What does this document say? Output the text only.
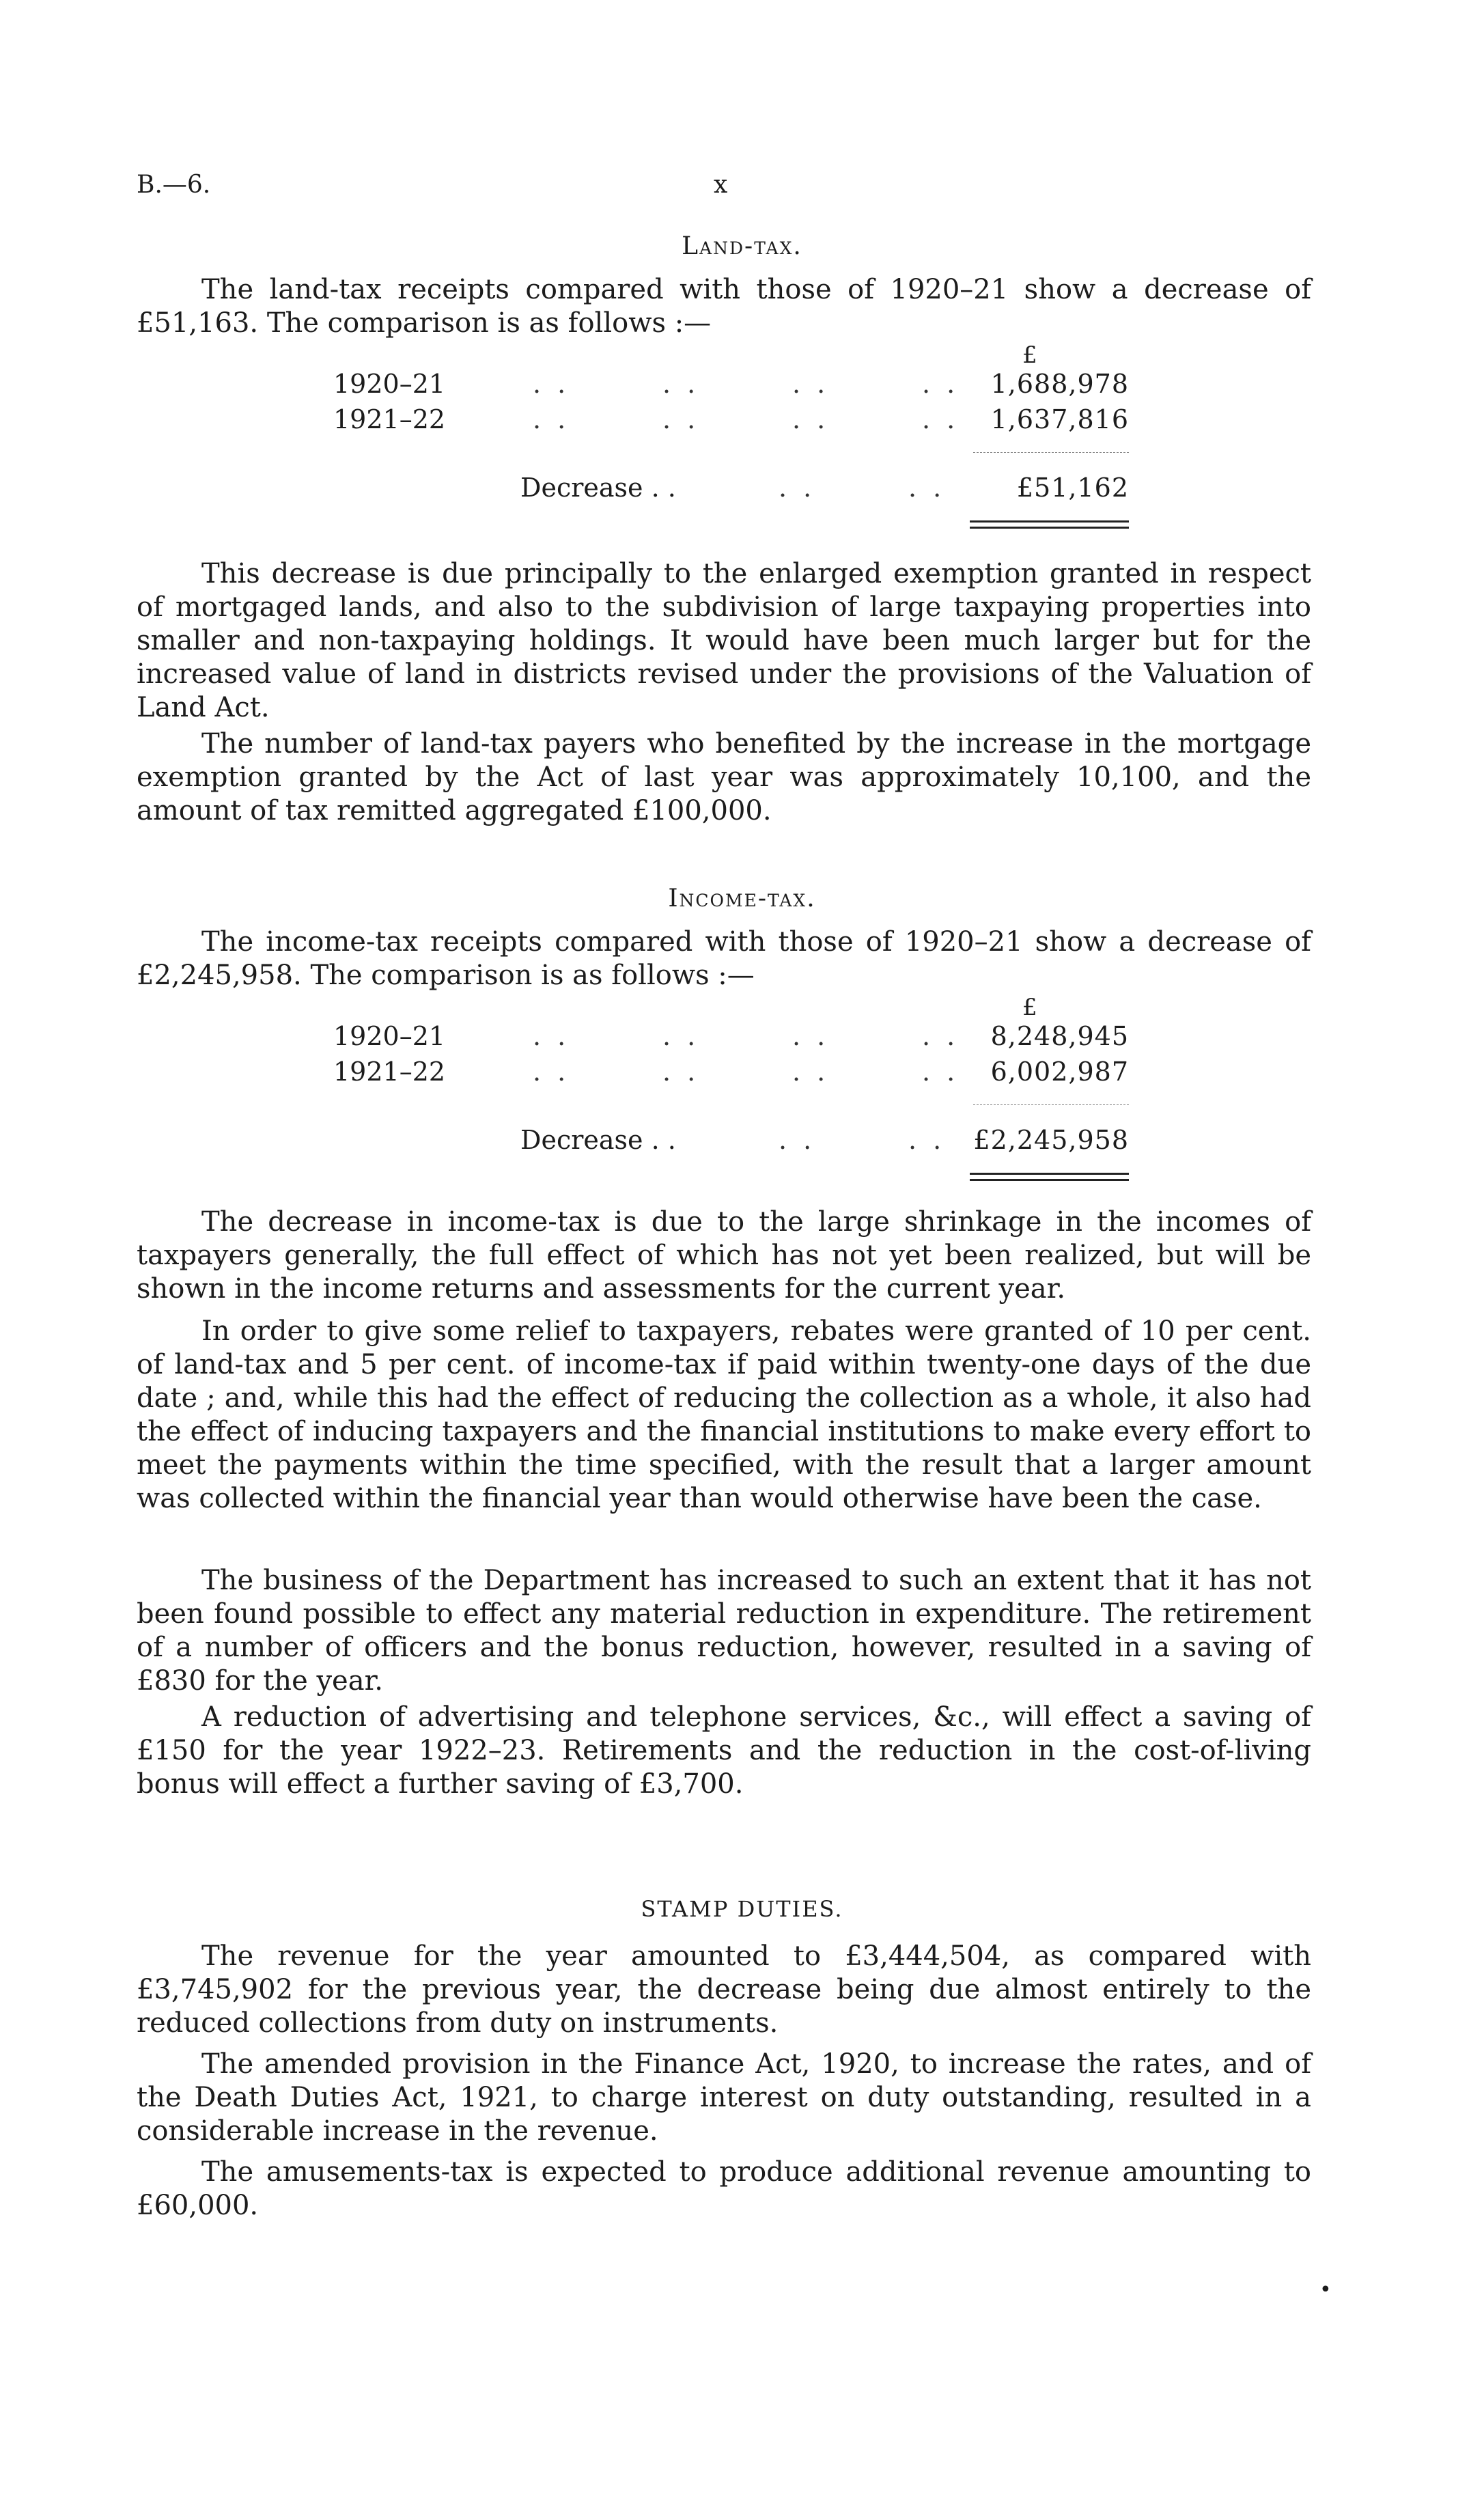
B.—6.	x
Land-tax.

The land-tax receipts compared with those of 1920–21 show a decrease of £51,163. The comparison is as follows :—

£
1920–21	. .	. .	. .	. .	1,688,978
1921–22	. .	. .	. .	. .	1,637,816
Decrease . .	. .	. .	£51,162

This decrease is due principally to the enlarged exemption granted in respect of mortgaged lands, and also to the subdivision of large taxpaying properties into smaller and non-taxpaying holdings. It would have been much larger but for the increased value of land in districts revised under the provisions of the Valuation of Land Act.

The number of land-tax payers who benefited by the increase in the mortgage exemption granted by the Act of last year was approximately 10,100, and the amount of tax remitted aggregated £100,000.

Income-tax.

The income-tax receipts compared with those of 1920–21 show a decrease of £2,245,958. The comparison is as follows :—

£
1920–21	. .	. .	. .	. .	8,248,945
1921–22	. .	. .	. .	. .	6,002,987
Decrease . .	. .	. .	£2,245,958

The decrease in income-tax is due to the large shrinkage in the incomes of taxpayers generally, the full effect of which has not yet been realized, but will be shown in the income returns and assessments for the current year.

In order to give some relief to taxpayers, rebates were granted of 10 per cent. of land-tax and 5 per cent. of income-tax if paid within twenty-one days of the due date ; and, while this had the effect of reducing the collection as a whole, it also had the effect of inducing taxpayers and the financial institutions to make every effort to meet the payments within the time specified, with the result that a larger amount was collected within the financial year than would otherwise have been the case.

The business of the Department has increased to such an extent that it has not been found possible to effect any material reduction in expenditure. The retirement of a number of officers and the bonus reduction, however, resulted in a saving of £830 for the year.

A reduction of advertising and telephone services, &c., will effect a saving of £150 for the year 1922–23. Retirements and the reduction in the cost-of-living bonus will effect a further saving of £3,700.

STAMP DUTIES.

The revenue for the year amounted to £3,444,504, as compared with £3,745,902 for the previous year, the decrease being due almost entirely to the reduced collections from duty on instruments.

The amended provision in the Finance Act, 1920, to increase the rates, and of the Death Duties Act, 1921, to charge interest on duty outstanding, resulted in a considerable increase in the revenue.

The amusements-tax is expected to produce additional revenue amounting to £60,000.

•
